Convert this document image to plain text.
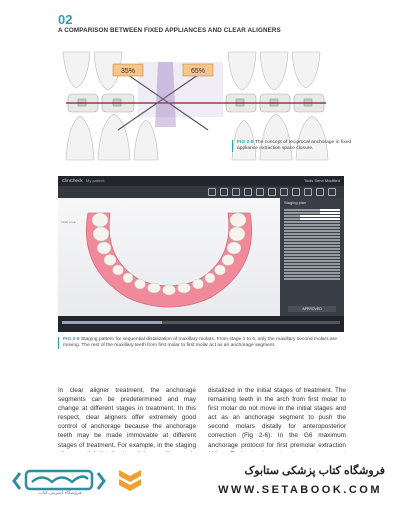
02
A COMPARISON BETWEEN FIXED APPLIANCES AND CLEAR ALIGNERS
35%	65%
FIG 2-5 The concept of reciprocal anchorage in fixed appliance extraction space closure.
ClinCheck My patient	Tools Send Modified
Initial setup
Staging plan
APPROVED
FIG 2-6 Staging pattern for sequential distalization of maxillary molars. From stage 1 to 6, only the maxillary second molars are moving. The rest of the maxillary teeth from first molar to first molar act as an anchorage segment.
In clear aligner treatment, the anchorage segments can be predetermined and may change at different stages in treatment. In this respect, clear aligners offer extremely good control of anchorage because the anchorage teeth may be made immovable at different stages of treatment. For example, in the staging
distalized in the initial stages of treatment. The remaining teeth in the arch from first molar to first molar do not move in the initial stages and act as an anchorage segment to push the second molars distally for anteroposterior correction (Fig 2-6). In the G6 maximum anchorage protocol for first premolar extraction
فروشگاه اینترنتی کتاب
فروشگاه کتاب پزشکی ستابوک
WWW.SETABOOK.COM
